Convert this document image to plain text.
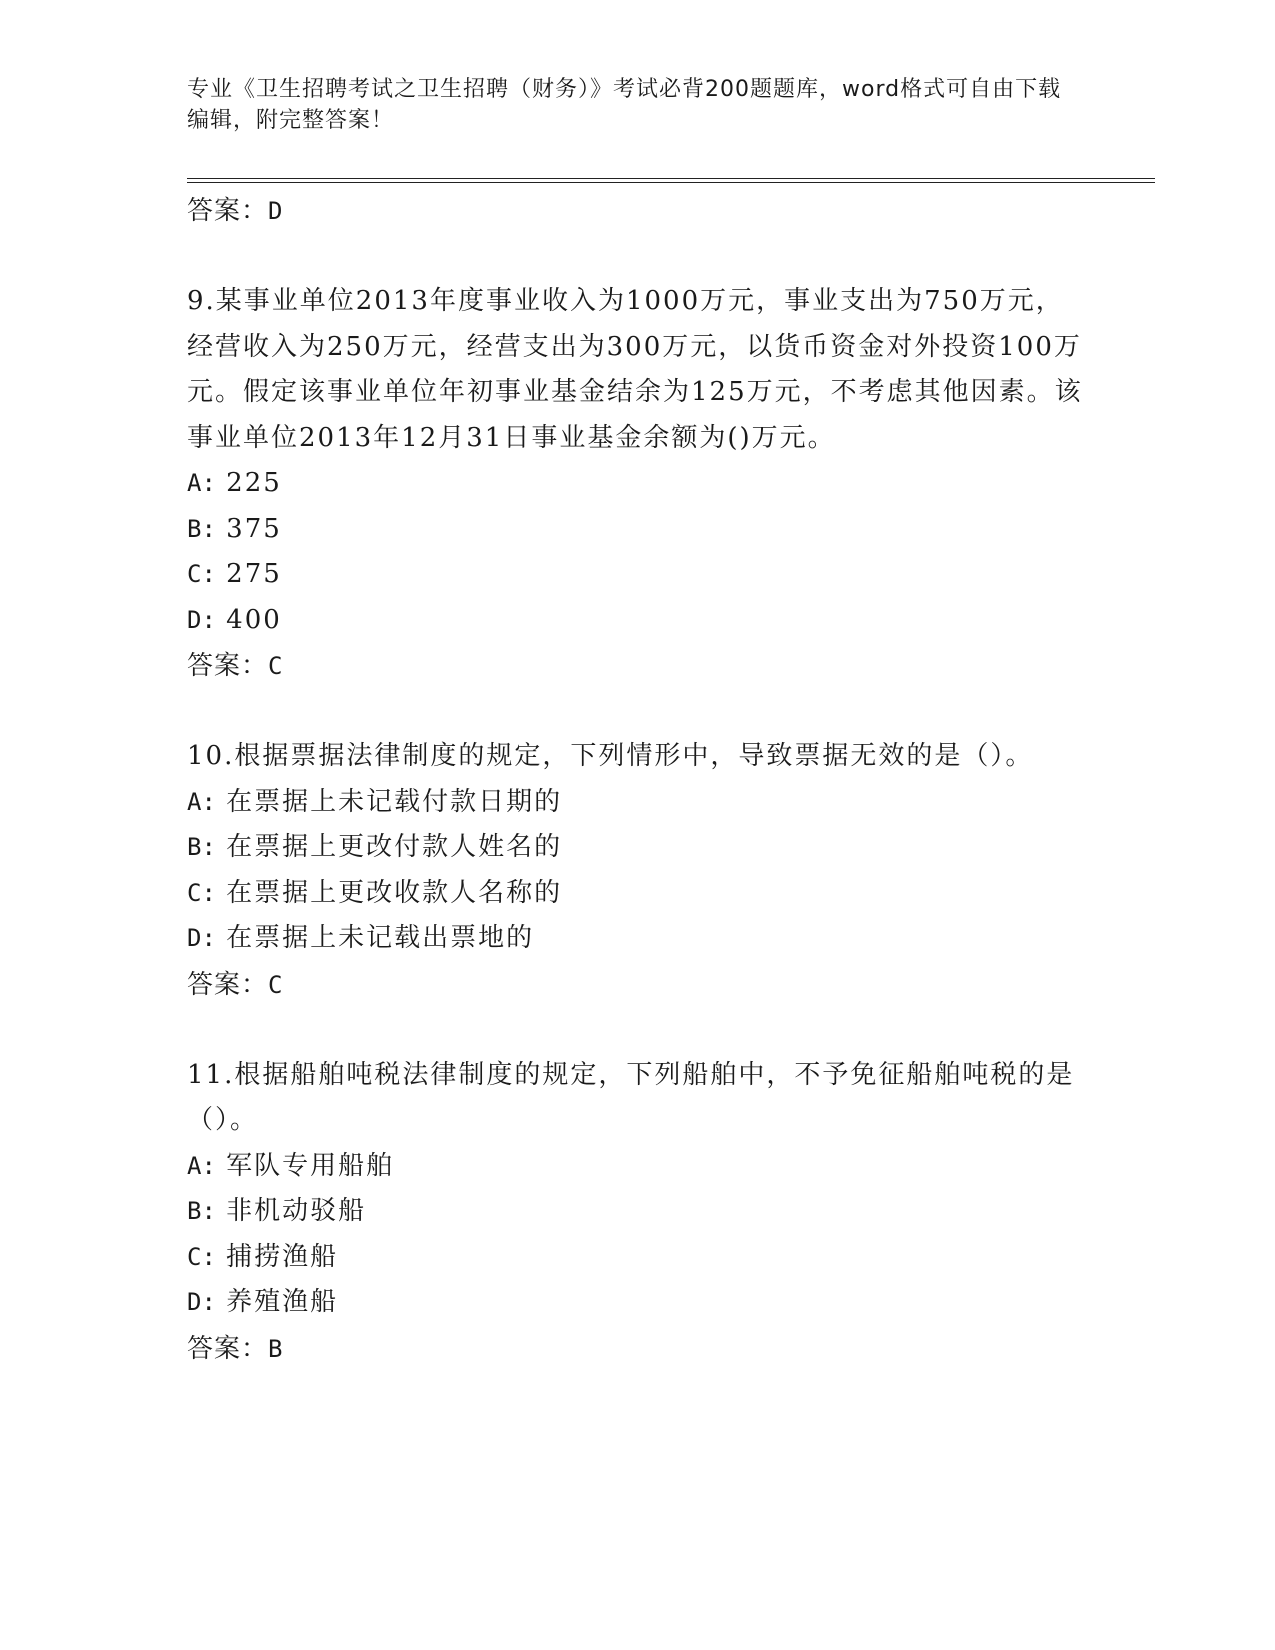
专业《卫生招聘考试之卫生招聘（财务）》考试必背200题题库，word格式可自由下载编辑，附完整答案！
答案：D
9.某事业单位2013年度事业收入为1000万元，事业支出为750万元，经营收入为250万元，经营支出为300万元，以货币资金对外投资100万元。假定该事业单位年初事业基金结余为125万元，不考虑其他因素。该事业单位2013年12月31日事业基金余额为()万元。
A: 225
B: 375
C: 275
D: 400
答案：C
10.根据票据法律制度的规定，下列情形中，导致票据无效的是（）。
A: 在票据上未记载付款日期的
B: 在票据上更改付款人姓名的
C: 在票据上更改收款人名称的
D: 在票据上未记载出票地的
答案：C
11.根据船舶吨税法律制度的规定，下列船舶中，不予免征船舶吨税的是（）。
A: 军队专用船舶
B: 非机动驳船
C: 捕捞渔船
D: 养殖渔船
答案：B
